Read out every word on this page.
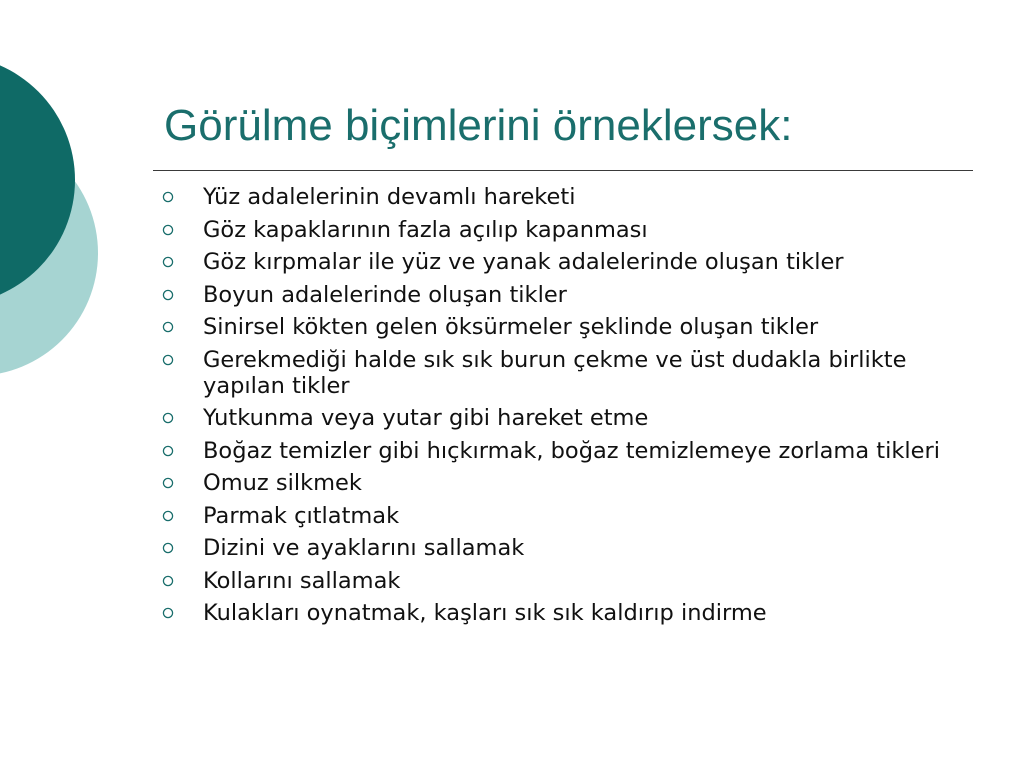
Görülme biçimlerini örneklersek:
Yüz adalelerinin devamlı hareketi
Göz kapaklarının fazla açılıp kapanması
Göz kırpmalar ile yüz ve yanak adalelerinde oluşan tikler
Boyun adalelerinde oluşan tikler
Sinirsel kökten gelen öksürmeler şeklinde oluşan tikler
Gerekmediği halde sık sık burun çekme ve üst dudakla birlikte yapılan tikler
Yutkunma veya yutar gibi hareket etme
Boğaz temizler gibi hıçkırmak, boğaz temizlemeye zorlama tikleri
Omuz silkmek
Parmak çıtlatmak
Dizini ve ayaklarını sallamak
Kollarını sallamak
Kulakları oynatmak, kaşları sık sık kaldırıp indirme
